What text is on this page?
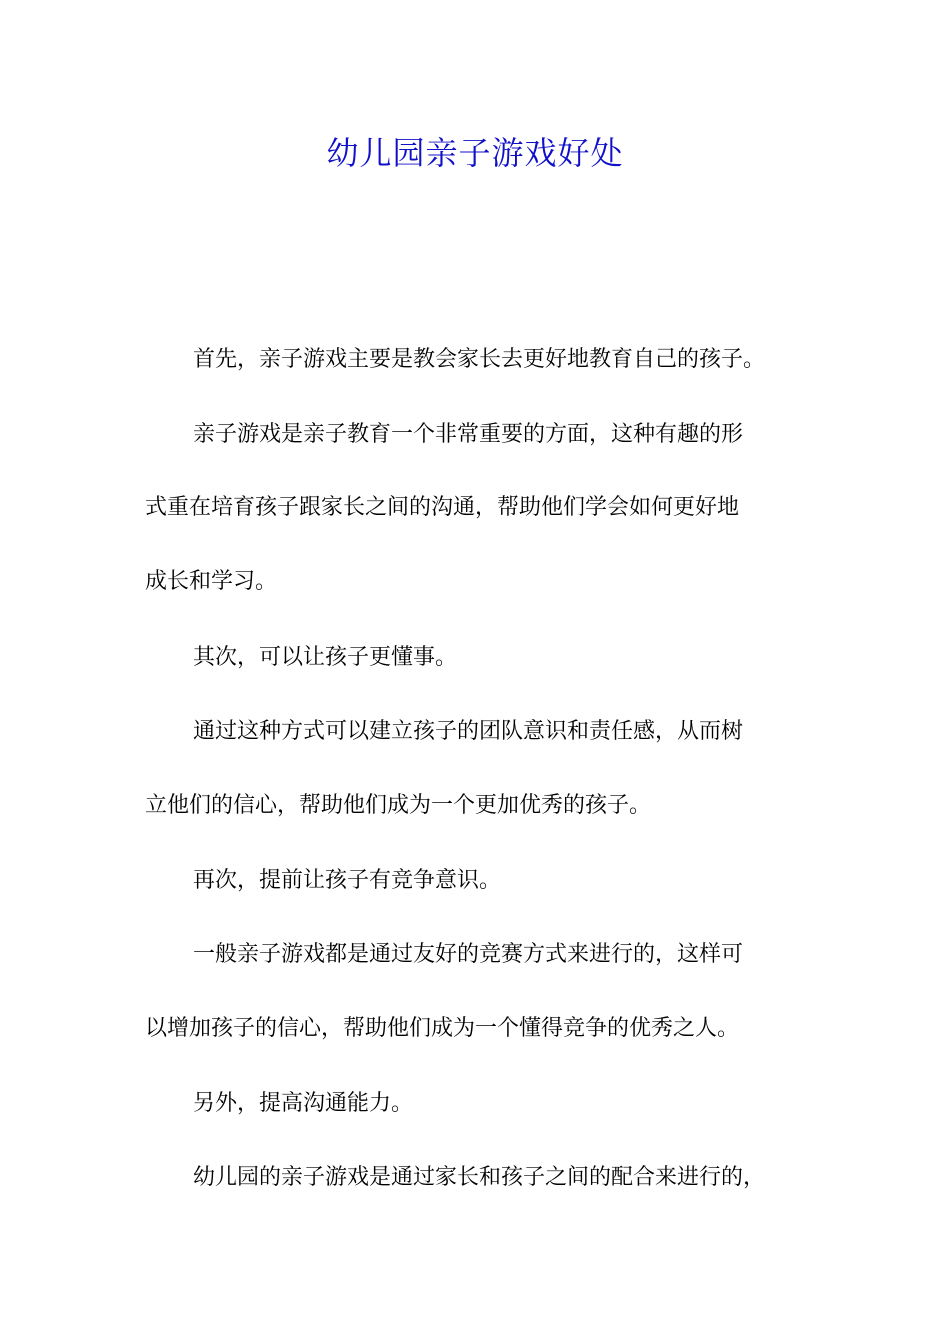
幼儿园亲子游戏好处

首先，亲子游戏主要是教会家长去更好地教育自己的孩子。

亲子游戏是亲子教育一个非常重要的方面，这种有趣的形

式重在培育孩子跟家长之间的沟通，帮助他们学会如何更好地

成长和学习。

其次，可以让孩子更懂事。

通过这种方式可以建立孩子的团队意识和责任感，从而树

立他们的信心，帮助他们成为一个更加优秀的孩子。

再次，提前让孩子有竞争意识。

一般亲子游戏都是通过友好的竞赛方式来进行的，这样可

以增加孩子的信心，帮助他们成为一个懂得竞争的优秀之人。

另外，提高沟通能力。

幼儿园的亲子游戏是通过家长和孩子之间的配合来进行的，
